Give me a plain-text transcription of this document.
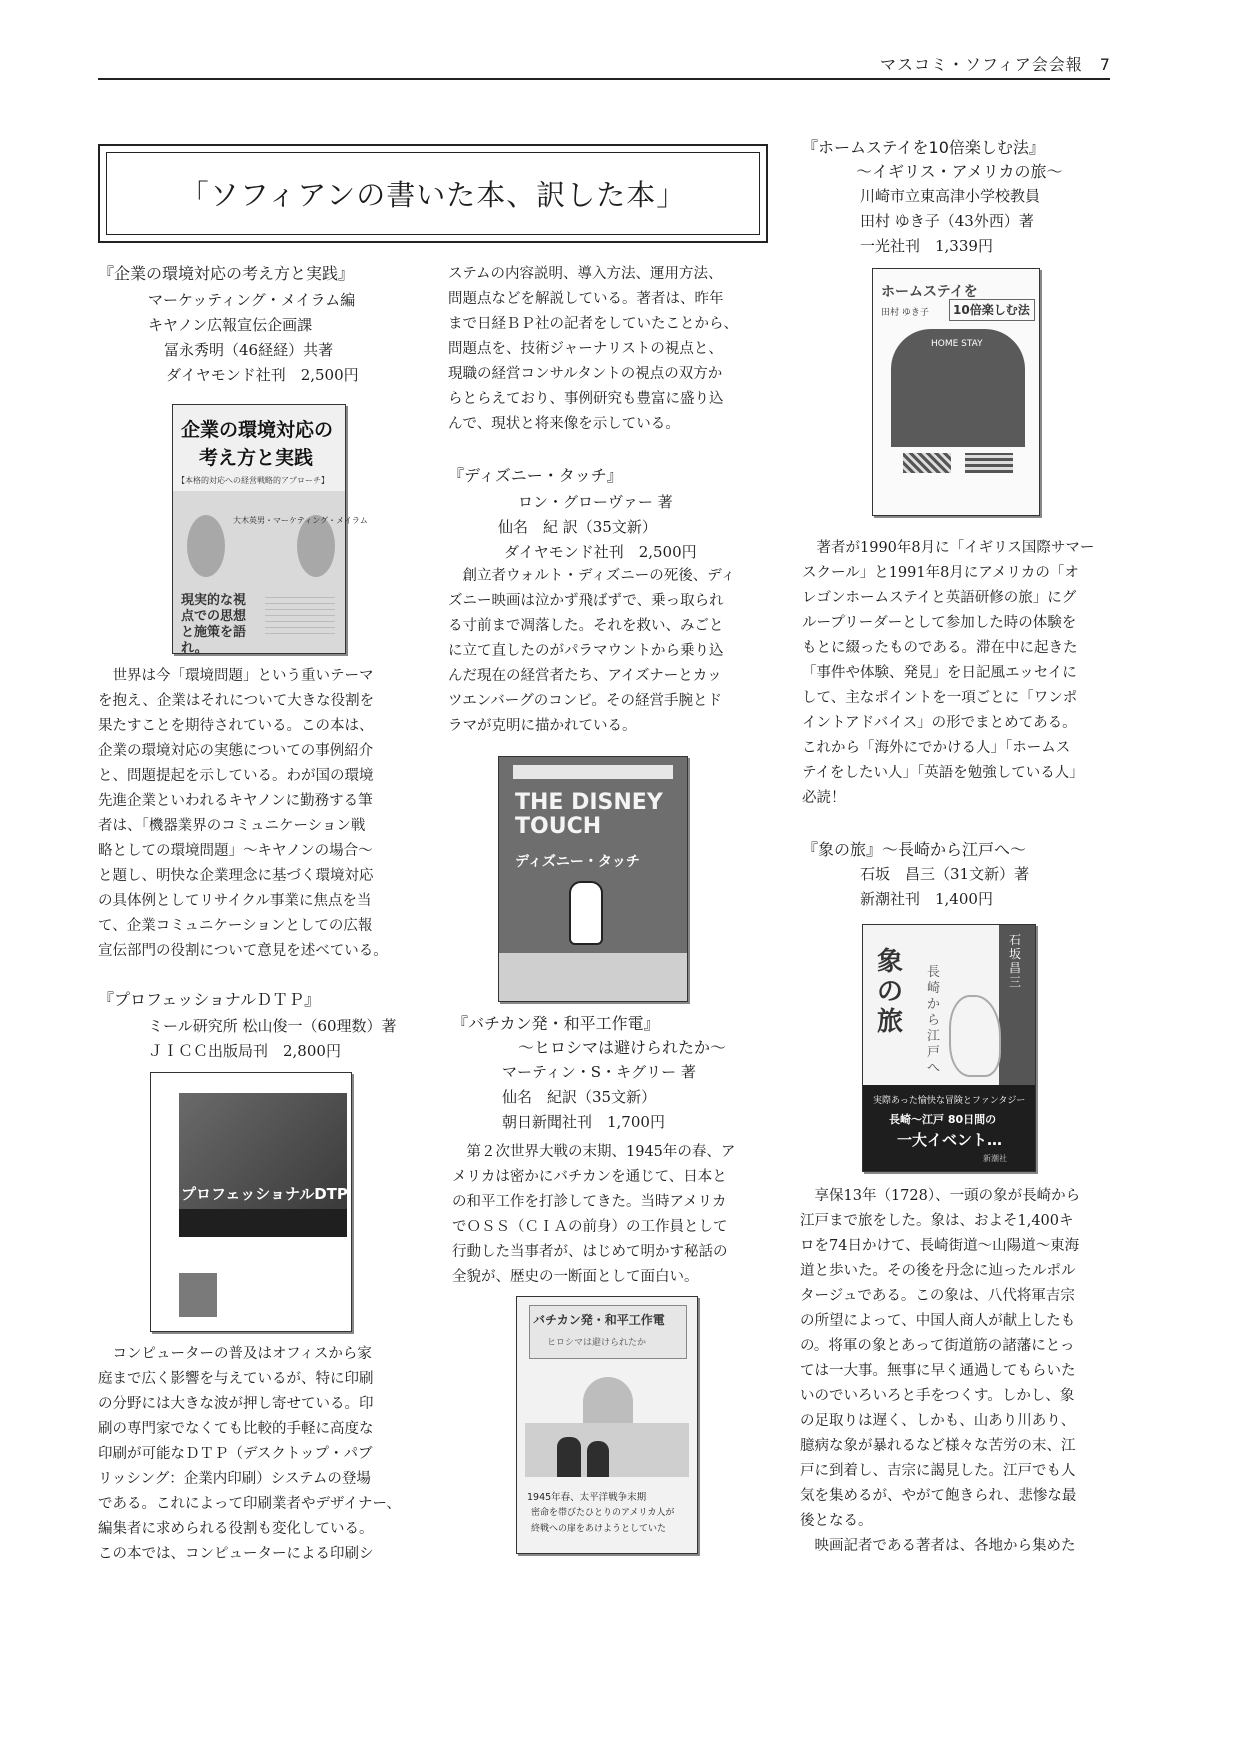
マスコミ・ソフィア会会報　7
「ソフィアンの書いた本、訳した本」
『企業の環境対応の考え方と実践』
マーケッティング・メイラム編
キヤノン広報宣伝企画課
冨永秀明（46経経）共著
ダイヤモンド社刊　2,500円
企業の環境対応の
考え方と実践
【本格的対応への経営戦略的アプローチ】
大木英男・マーケティング・メイラム
現実的な視点での思想と施策を語れ。
　世界は今「環境問題」という重いテーマ
を抱え、企業はそれについて大きな役割を
果たすことを期待されている。この本は、
企業の環境対応の実態についての事例紹介
と、問題提起を示している。わが国の環境
先進企業といわれるキヤノンに勤務する筆
者は、「機器業界のコミュニケーション戦
略としての環境問題」～キヤノンの場合～
と題し、明快な企業理念に基づく環境対応
の具体例としてリサイクル事業に焦点を当
て、企業コミュニケーションとしての広報
宣伝部門の役割について意見を述べている。
『プロフェッショナルＤＴＰ』
ミール研究所 松山俊一（60理数）著
ＪＩＣＣ出版局刊　2,800円
プロフェッショナルDTP
　コンピューターの普及はオフィスから家
庭まで広く影響を与えているが、特に印刷
の分野には大きな波が押し寄せている。印
刷の専門家でなくても比較的手軽に高度な
印刷が可能なＤＴＰ（デスクトップ・パブ
リッシング：企業内印刷）システムの登場
である。これによって印刷業者やデザイナー、
編集者に求められる役割も変化している。
この本では、コンピューターによる印刷シ
ステムの内容説明、導入方法、運用方法、
問題点などを解説している。著者は、昨年
まで日経ＢＰ社の記者をしていたことから、
問題点を、技術ジャーナリストの視点と、
現職の経営コンサルタントの視点の双方か
らとらえており、事例研究も豊富に盛り込
んで、現状と将来像を示している。
『ディズニー・タッチ』
ロン・グローヴァー 著
仙名　紀 訳（35文新）
ダイヤモンド社刊　2,500円
　創立者ウォルト・ディズニーの死後、ディ
ズニー映画は泣かず飛ばずで、乗っ取られ
る寸前まで凋落した。それを救い、みごと
に立て直したのがパラマウントから乗り込
んだ現在の経営者たち、アイズナーとカッ
ツエンバーグのコンビ。その経営手腕とド
ラマが克明に描かれている。
THE DISNEY TOUCH
ディズニー・タッチ
『バチカン発・和平工作電』
～ヒロシマは避けられたか～
マーティン・S・キグリー 著
仙名　紀訳（35文新）
朝日新聞社刊　1,700円
　第２次世界大戦の末期、1945年の春、ア
メリカは密かにバチカンを通じて、日本と
の和平工作を打診してきた。当時アメリカ
でＯＳＳ（ＣＩＡの前身）の工作員として
行動した当事者が、はじめて明かす秘話の
全貌が、歴史の一断面として面白い。
バチカン発・和平工作電
ヒロシマは避けられたか
1945年春、太平洋戦争末期
密命を帯びたひとりのアメリカ人が
終戦への扉をあけようとしていた
『ホームステイを10倍楽しむ法』
～イギリス・アメリカの旅～
川崎市立東高津小学校教員
田村 ゆき子（43外西）著
一光社刊　1,339円
ホームステイを
10倍楽しむ法
田村 ゆき子
HOME STAY
　著者が1990年8月に「イギリス国際サマー
スクール」と1991年8月にアメリカの「オ
レゴンホームステイと英語研修の旅」にグ
ループリーダーとして参加した時の体験を
もとに綴ったものである。滞在中に起きた
「事件や体験、発見」を日記風エッセイに
して、主なポイントを一項ごとに「ワンポ
イントアドバイス」の形でまとめてある。
これから「海外にでかける人」「ホームス
テイをしたい人」「英語を勉強している人」
必読！
『象の旅』～長崎から江戸へ～
石坂　昌三（31文新）著
新潮社刊　1,400円
象の旅
長崎から江戸へ
石坂昌三
実際あった愉快な冒険とファンタジー
長崎～江戸 80日間の
一大イベント…
新潮社
　享保13年（1728）、一頭の象が長崎から
江戸まで旅をした。象は、およそ1,400キ
ロを74日かけて、長崎街道～山陽道～東海
道と歩いた。その後を丹念に辿ったルポル
タージュである。この象は、八代将軍吉宗
の所望によって、中国人商人が献上したも
の。将軍の象とあって街道筋の諸藩にとっ
ては一大事。無事に早く通過してもらいた
いのでいろいろと手をつくす。しかし、象
の足取りは遅く、しかも、山あり川あり、
臆病な象が暴れるなど様々な苦労の末、江
戸に到着し、吉宗に謁見した。江戸でも人
気を集めるが、やがて飽きられ、悲惨な最
後となる。
　映画記者である著者は、各地から集めた
